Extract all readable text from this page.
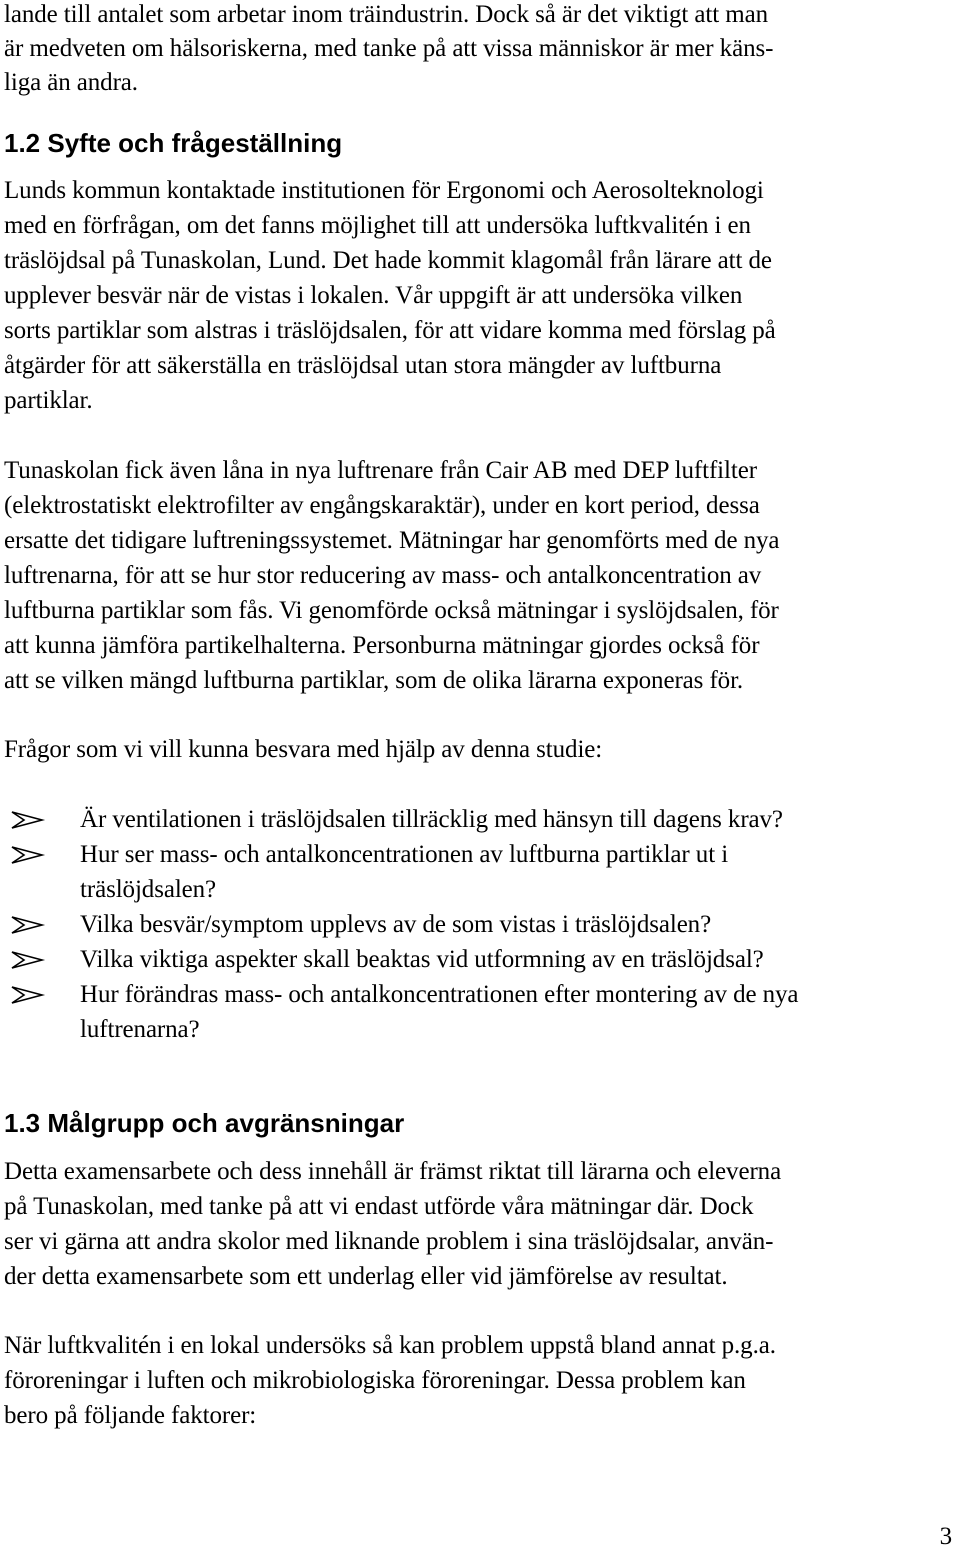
lande till antalet som arbetar inom träindustrin. Dock så är det viktigt att man
är medveten om hälsoriskerna, med tanke på att vissa människor är mer käns-
liga än andra.
1.2 Syfte och frågeställning
Lunds kommun kontaktade institutionen för Ergonomi och Aerosolteknologi
med en förfrågan, om det fanns möjlighet till att undersöka luftkvalitén i en
träslöjdsal på Tunaskolan, Lund. Det hade kommit klagomål från lärare att de
upplever besvär när de vistas i lokalen. Vår uppgift är att undersöka vilken
sorts partiklar som alstras i träslöjdsalen, för att vidare komma med förslag på
åtgärder för att säkerställa en träslöjdsal utan stora mängder av luftburna
partiklar.
Tunaskolan fick även låna in nya luftrenare från Cair AB med DEP luftfilter
(elektrostatiskt elektrofilter av engångskaraktär), under en kort period, dessa
ersatte det tidigare luftreningssystemet. Mätningar har genomförts med de nya
luftrenarna, för att se hur stor reducering av mass- och antalkoncentration av
luftburna partiklar som fås. Vi genomförde också mätningar i syslöjdsalen, för
att kunna jämföra partikelhalterna. Personburna mätningar gjordes också för
att se vilken mängd luftburna partiklar, som de olika lärarna exponeras för.
Frågor som vi vill kunna besvara med hjälp av denna studie:
Är ventilationen i träslöjdsalen tillräcklig med hänsyn till dagens krav?
Hur ser mass- och antalkoncentrationen av luftburna partiklar ut i
träslöjdsalen?
Vilka besvär/symptom upplevs av de som vistas i träslöjdsalen?
Vilka viktiga aspekter skall beaktas vid utformning av en träslöjdsal?
Hur förändras mass- och antalkoncentrationen efter montering av de nya
luftrenarna?
1.3 Målgrupp och avgränsningar
Detta examensarbete och dess innehåll är främst riktat till lärarna och eleverna
på Tunaskolan, med tanke på att vi endast utförde våra mätningar där. Dock
ser vi gärna att andra skolor med liknande problem i sina träslöjdsalar, använ-
der detta examensarbete som ett underlag eller vid jämförelse av resultat.
När luftkvalitén i en lokal undersöks så kan problem uppstå bland annat p.g.a.
föroreningar i luften och mikrobiologiska föroreningar. Dessa problem kan
bero på följande faktorer:
3
